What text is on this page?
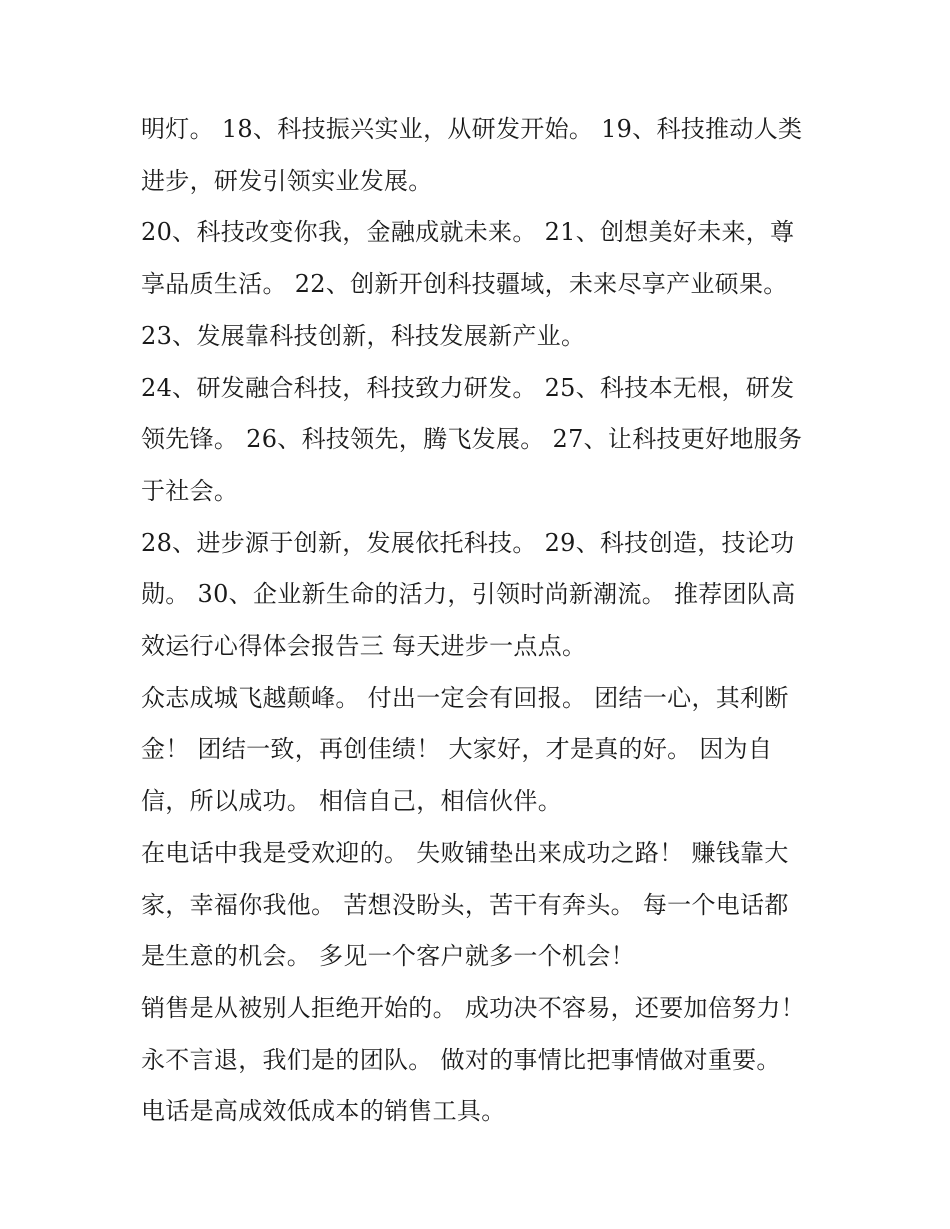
明灯。 18、科技振兴实业，从研发开始。 19、科技推动人类进步，研发引领实业发展。

20、科技改变你我，金融成就未来。 21、创想美好未来，尊享品质生活。 22、创新开创科技疆域，未来尽享产业硕果。

23、发展靠科技创新，科技发展新产业。

24、研发融合科技，科技致力研发。 25、科技本无根，研发领先锋。 26、科技领先，腾飞发展。 27、让科技更好地服务于社会。

28、进步源于创新，发展依托科技。 29、科技创造，技论功勋。 30、企业新生命的活力，引领时尚新潮流。 推荐团队高效运行心得体会报告三 每天进步一点点。

众志成城飞越颠峰。 付出一定会有回报。 团结一心，其利断金！ 团结一致，再创佳绩！ 大家好，才是真的好。 因为自信，所以成功。 相信自己，相信伙伴。

在电话中我是受欢迎的。 失败铺垫出来成功之路！ 赚钱靠大家，幸福你我他。 苦想没盼头，苦干有奔头。 每一个电话都是生意的机会。 多见一个客户就多一个机会！

销售是从被别人拒绝开始的。 成功决不容易，还要加倍努力！ 永不言退，我们是的团队。 做对的事情比把事情做对重要。 电话是高成效低成本的销售工具。
